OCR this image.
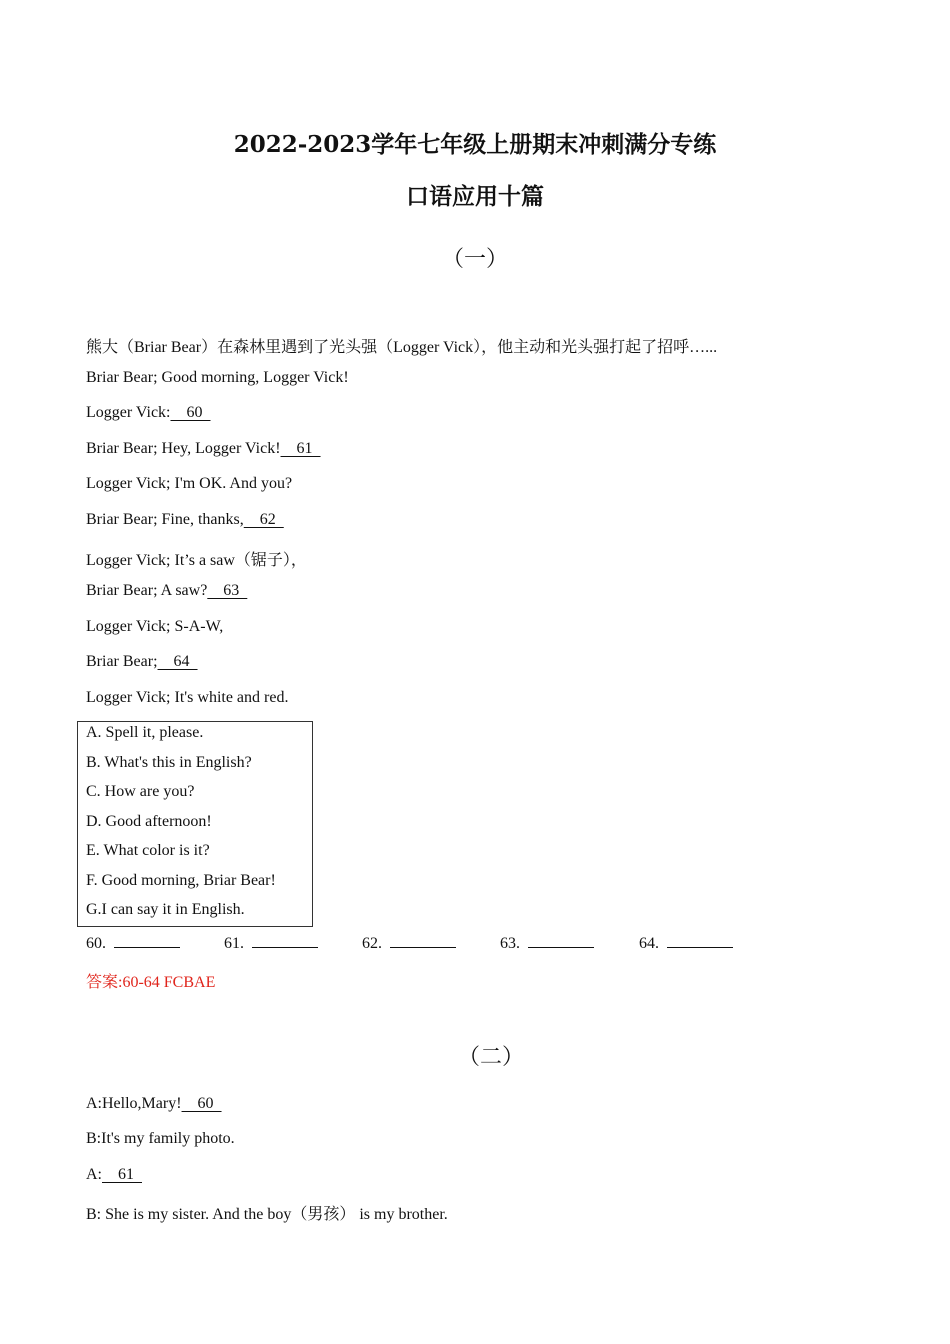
2022-2023学年七年级上册期末冲刺满分专练
口语应用十篇
（一）
熊大（Briar Bear）在森林里遇到了光头强（Logger Vick），他主动和光头强打起了招呼…...
Briar Bear; Good morning, Logger Vick!
Logger Vick:    60
Briar Bear; Hey, Logger Vick!    61
Logger Vick; I'm OK. And you?
Briar Bear; Fine, thanks,    62
Logger Vick; It’s a saw（锯子），
Briar Bear; A saw?    63
Logger Vick; S-A-W,
Briar Bear;    64
Logger Vick; It's white and red.
A. Spell it, please.
B. What's this in English?
C. How are you?
D. Good afternoon!
E. What color is it?
F. Good morning, Briar Bear!
G.I can say it in English.
60.	61.	62.	63.	64.
答案:60-64 FCBAE
（二）
A:Hello,Mary!    60
B:It's my family photo.
A:    61
B: She is my sister. And the boy（男孩） is my brother.
